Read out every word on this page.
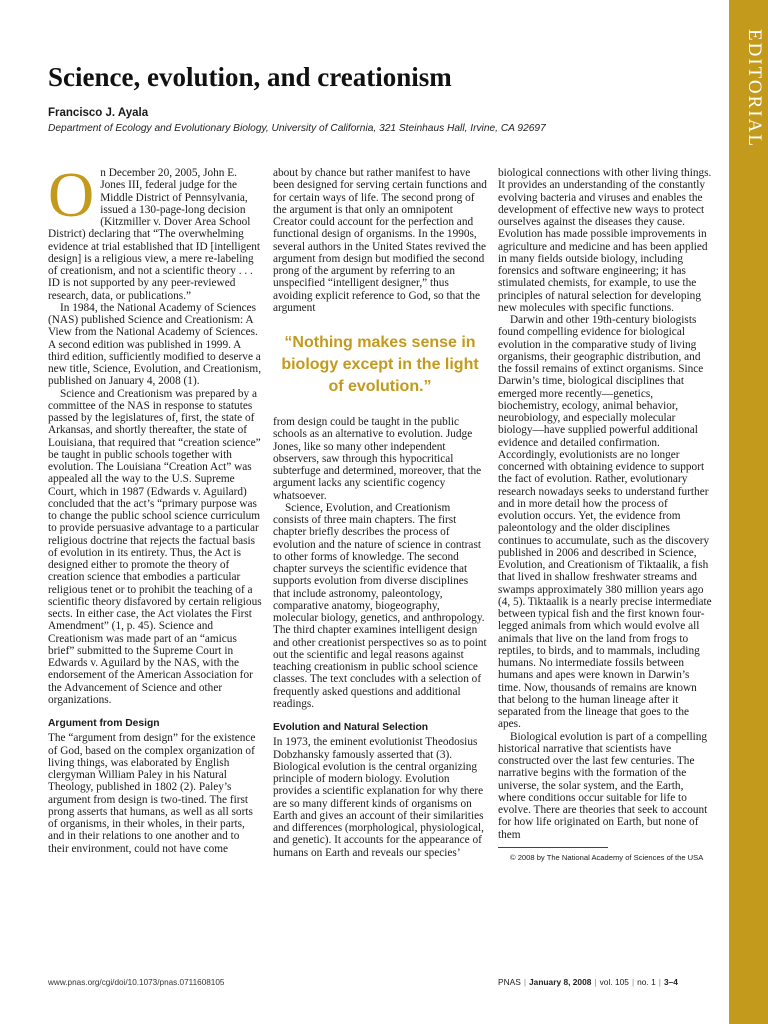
EDITORIAL
Science, evolution, and creationism
Francisco J. Ayala
Department of Ecology and Evolutionary Biology, University of California, 321 Steinhaus Hall, Irvine, CA 92697

On December 20, 2005, John E. Jones III, federal judge for the Middle District of Pennsylvania, issued a 130-page-long decision (Kitzmiller v. Dover Area School District) declaring that “The overwhelming evidence at trial established that ID [intelligent design] is a religious view, a mere re-labeling of creationism, and not a scientific theory . . . ID is not supported by any peer-reviewed research, data, or publications.”

In 1984, the National Academy of Sciences (NAS) published Science and Creationism: A View from the National Academy of Sciences. A second edition was published in 1999. A third edition, sufficiently modified to deserve a new title, Science, Evolution, and Creationism, published on January 4, 2008 (1).

Science and Creationism was prepared by a committee of the NAS in response to statutes passed by the legislatures of, first, the state of Arkansas, and shortly thereafter, the state of Louisiana, that required that “creation science” be taught in public schools together with evolution. The Louisiana “Creation Act” was appealed all the way to the U.S. Supreme Court, which in 1987 (Edwards v. Aguilard) concluded that the act’s “primary purpose was to change the public school science curriculum to provide persuasive advantage to a particular religious doctrine that rejects the factual basis of evolution in its entirety. Thus, the Act is designed either to promote the theory of creation science that embodies a particular religious tenet or to prohibit the teaching of a scientific theory disfavored by certain religious sects. In either case, the Act violates the First Amendment” (1, p. 45). Science and Creationism was made part of an “amicus brief” submitted to the Supreme Court in Edwards v. Aguilard by the NAS, with the endorsement of the American Association for the Advancement of Science and other organizations.

Argument from Design

The “argument from design” for the existence of God, based on the complex organization of living things, was elaborated by English clergyman William Paley in his Natural Theology, published in 1802 (2). Paley’s argument from design is two-tined. The first prong asserts that humans, as well as all sorts of organisms, in their wholes, in their parts, and in their relations to one another and to their environment, could not have come

about by chance but rather manifest to have been designed for serving certain functions and for certain ways of life. The second prong of the argument is that only an omnipotent Creator could account for the perfection and functional design of organisms. In the 1990s, several authors in the United States revived the argument from design but modified the second prong of the argument by referring to an unspecified “intelligent designer,” thus avoiding explicit reference to God, so that the argument

“Nothing makes sense in biology except in the light of evolution.”

from design could be taught in the public schools as an alternative to evolution. Judge Jones, like so many other independent observers, saw through this hypocritical subterfuge and determined, moreover, that the argument lacks any scientific cogency whatsoever.

Science, Evolution, and Creationism consists of three main chapters. The first chapter briefly describes the process of evolution and the nature of science in contrast to other forms of knowledge. The second chapter surveys the scientific evidence that supports evolution from diverse disciplines that include astronomy, paleontology, comparative anatomy, biogeography, molecular biology, genetics, and anthropology. The third chapter examines intelligent design and other creationist perspectives so as to point out the scientific and legal reasons against teaching creationism in public school science classes. The text concludes with a selection of frequently asked questions and additional readings.

Evolution and Natural Selection

In 1973, the eminent evolutionist Theodosius Dobzhansky famously asserted that (3). Biological evolution is the central organizing principle of modern biology. Evolution provides a scientific explanation for why there are so many different kinds of organisms on Earth and gives an account of their similarities and differences (morphological, physiological, and genetic). It accounts for the appearance of humans on Earth and reveals our species’

biological connections with other living things. It provides an understanding of the constantly evolving bacteria and viruses and enables the development of effective new ways to protect ourselves against the diseases they cause. Evolution has made possible improvements in agriculture and medicine and has been applied in many fields outside biology, including forensics and software engineering; it has stimulated chemists, for example, to use the principles of natural selection for developing new molecules with specific functions.

Darwin and other 19th-century biologists found compelling evidence for biological evolution in the comparative study of living organisms, their geographic distribution, and the fossil remains of extinct organisms. Since Darwin’s time, biological disciplines that emerged more recently—genetics, biochemistry, ecology, animal behavior, neurobiology, and especially molecular biology—have supplied powerful additional evidence and detailed confirmation. Accordingly, evolutionists are no longer concerned with obtaining evidence to support the fact of evolution. Rather, evolutionary research nowadays seeks to understand further and in more detail how the process of evolution occurs. Yet, the evidence from paleontology and the older disciplines continues to accumulate, such as the discovery published in 2006 and described in Science, Evolution, and Creationism of Tiktaalik, a fish that lived in shallow freshwater streams and swamps approximately 380 million years ago (4, 5). Tiktaalik is a nearly precise intermediate between typical fish and the first known four-legged animals from which would evolve all animals that live on the land from frogs to reptiles, to birds, and to mammals, including humans. No intermediate fossils between humans and apes were known in Darwin’s time. Now, thousands of remains are known that belong to the human lineage after it separated from the lineage that goes to the apes.

Biological evolution is part of a compelling historical narrative that scientists have constructed over the last few centuries. The narrative begins with the formation of the universe, the solar system, and the Earth, where conditions occur suitable for life to evolve. There are theories that seek to account for how life originated on Earth, but none of them

© 2008 by The National Academy of Sciences of the USA

www.pnas.org/cgi/doi/10.1073/pnas.0711608105	PNAS | January 8, 2008 | vol. 105 | no. 1 | 3–4
